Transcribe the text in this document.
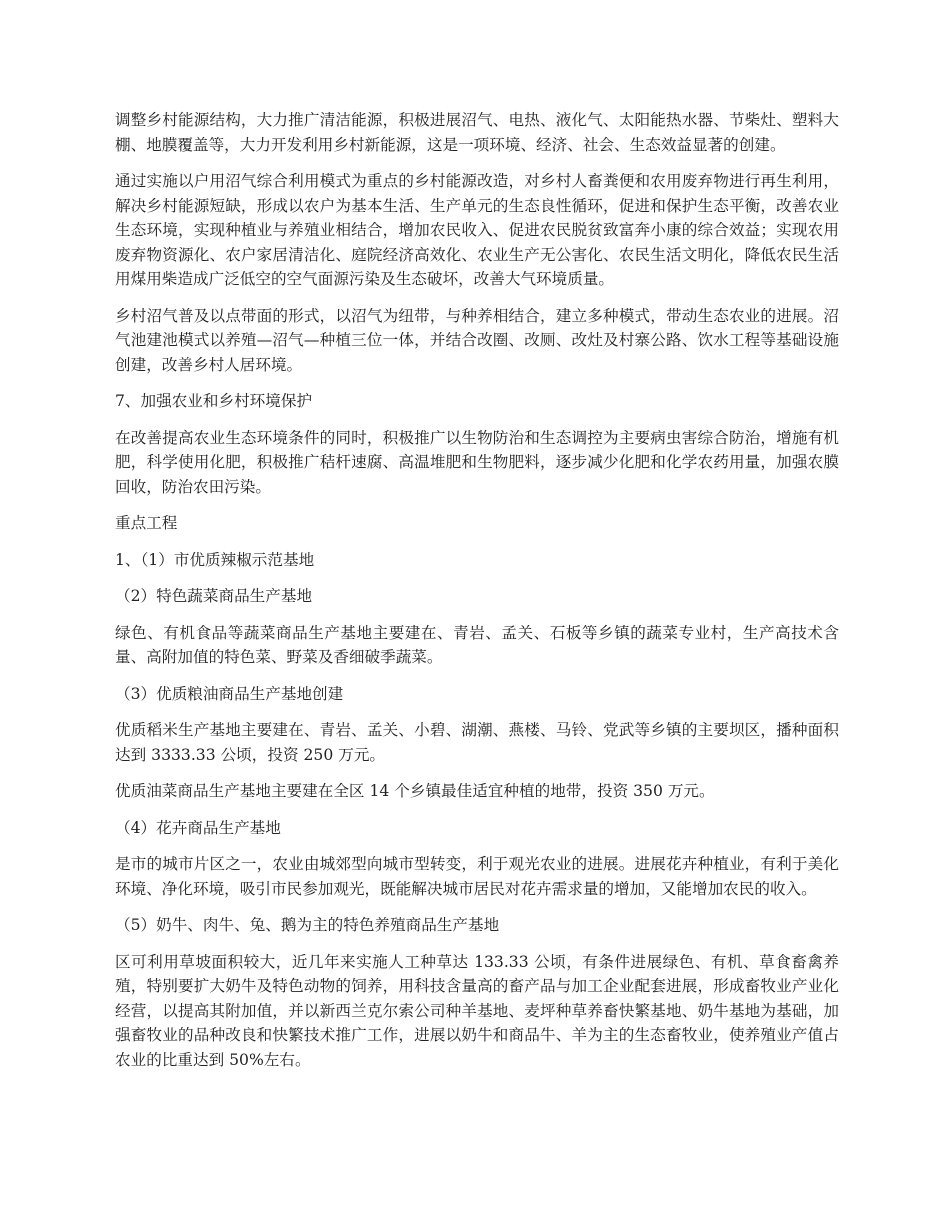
调整乡村能源结构，大力推广清洁能源，积极进展沼气、电热、液化气、太阳能热水器、节柴灶、塑料大棚、地膜覆盖等，大力开发利用乡村新能源，这是一项环境、经济、社会、生态效益显著的创建。

通过实施以户用沼气综合利用模式为重点的乡村能源改造，对乡村人畜粪便和农用废弃物进行再生利用，解决乡村能源短缺，形成以农户为基本生活、生产单元的生态良性循环，促进和保护生态平衡，改善农业生态环境，实现种植业与养殖业相结合，增加农民收入、促进农民脱贫致富奔小康的综合效益；实现农用废弃物资源化、农户家居清洁化、庭院经济高效化、农业生产无公害化、农民生活文明化，降低农民生活用煤用柴造成广泛低空的空气面源污染及生态破坏，改善大气环境质量。

乡村沼气普及以点带面的形式，以沼气为纽带，与种养相结合，建立多种模式，带动生态农业的进展。沼气池建池模式以养殖—沼气—种植三位一体，并结合改圈、改厕、改灶及村寨公路、饮水工程等基础设施创建，改善乡村人居环境。

7、加强农业和乡村环境保护

在改善提高农业生态环境条件的同时，积极推广以生物防治和生态调控为主要病虫害综合防治，增施有机肥，科学使用化肥，积极推广秸杆速腐、高温堆肥和生物肥料，逐步减少化肥和化学农药用量，加强农膜回收，防治农田污染。

重点工程

1、（1）市优质辣椒示范基地

（2）特色蔬菜商品生产基地

绿色、有机食品等蔬菜商品生产基地主要建在、青岩、孟关、石板等乡镇的蔬菜专业村，生产高技术含量、高附加值的特色菜、野菜及香细破季蔬菜。

（3）优质粮油商品生产基地创建

优质稻米生产基地主要建在、青岩、孟关、小碧、湖潮、燕楼、马铃、党武等乡镇的主要坝区，播种面积达到 3333.33 公顷，投资 250 万元。

优质油菜商品生产基地主要建在全区 14 个乡镇最佳适宜种植的地带，投资 350 万元。

（4）花卉商品生产基地

是市的城市片区之一，农业由城郊型向城市型转变，利于观光农业的进展。进展花卉种植业，有利于美化环境、净化环境，吸引市民参加观光，既能解决城市居民对花卉需求量的增加，又能增加农民的收入。

（5）奶牛、肉牛、兔、鹅为主的特色养殖商品生产基地

区可利用草坡面积较大，近几年来实施人工种草达 133.33 公顷，有条件进展绿色、有机、草食畜禽养殖，特别要扩大奶牛及特色动物的饲养，用科技含量高的畜产品与加工企业配套进展，形成畜牧业产业化经营，以提高其附加值，并以新西兰克尔索公司种羊基地、麦坪种草养畜快繁基地、奶牛基地为基础，加强畜牧业的品种改良和快繁技术推广工作，进展以奶牛和商品牛、羊为主的生态畜牧业，使养殖业产值占农业的比重达到 50%左右。
